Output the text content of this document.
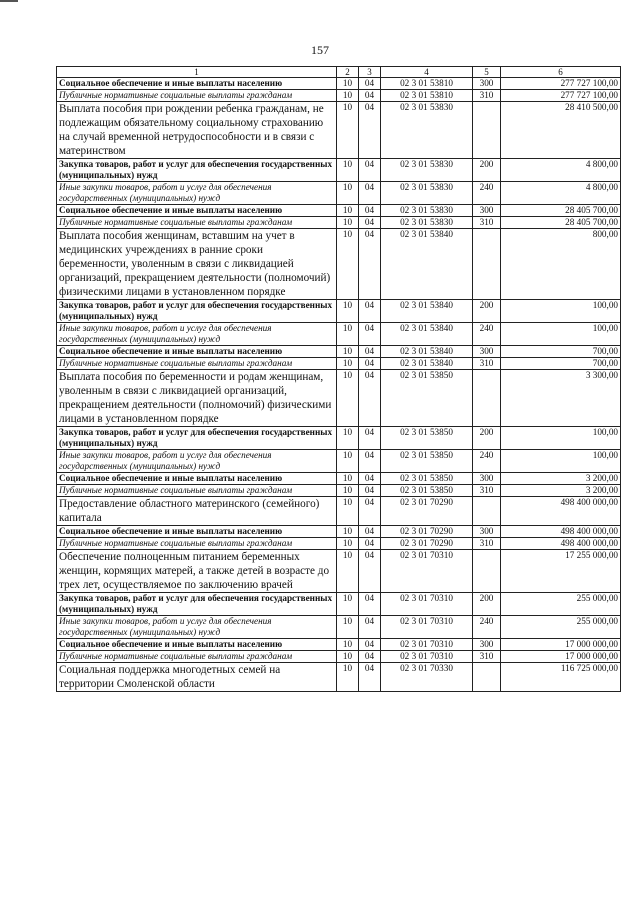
157
1	2	3	4	5	6
Социальное обеспечение и иные выплаты населению	10	04	02 3 01 53810	300	277 727 100,00
Публичные нормативные социальные выплаты гражданам	10	04	02 3 01 53810	310	277 727 100,00
Выплата пособия при рождении ребенка гражданам, не подлежащим обязательному социальному страхованию на случай временной нетрудоспособности и в связи с материнством	10	04	02 3 01 53830		28 410 500,00
Закупка товаров, работ и услуг для обеспечения государственных (муниципальных) нужд	10	04	02 3 01 53830	200	4 800,00
Иные закупки товаров, работ и услуг для обеспечения государственных (муниципальных) нужд	10	04	02 3 01 53830	240	4 800,00
Социальное обеспечение и иные выплаты населению	10	04	02 3 01 53830	300	28 405 700,00
Публичные нормативные социальные выплаты гражданам	10	04	02 3 01 53830	310	28 405 700,00
Выплата пособия женщинам, вставшим на учет в медицинских учреждениях в ранние сроки беременности, уволенным в связи с ликвидацией организаций, прекращением деятельности (полномочий) физическими лицами в установленном порядке	10	04	02 3 01 53840		800,00
Закупка товаров, работ и услуг для обеспечения государственных (муниципальных) нужд	10	04	02 3 01 53840	200	100,00
Иные закупки товаров, работ и услуг для обеспечения государственных (муниципальных) нужд	10	04	02 3 01 53840	240	100,00
Социальное обеспечение и иные выплаты населению	10	04	02 3 01 53840	300	700,00
Публичные нормативные социальные выплаты гражданам	10	04	02 3 01 53840	310	700,00
Выплата пособия по беременности и родам женщинам, уволенным в связи с ликвидацией организаций, прекращением деятельности (полномочий) физическими лицами в установленном порядке	10	04	02 3 01 53850		3 300,00
Закупка товаров, работ и услуг для обеспечения государственных (муниципальных) нужд	10	04	02 3 01 53850	200	100,00
Иные закупки товаров, работ и услуг для обеспечения государственных (муниципальных) нужд	10	04	02 3 01 53850	240	100,00
Социальное обеспечение и иные выплаты населению	10	04	02 3 01 53850	300	3 200,00
Публичные нормативные социальные выплаты гражданам	10	04	02 3 01 53850	310	3 200,00
Предоставление областного материнского (семейного) капитала	10	04	02 3 01 70290		498 400 000,00
Социальное обеспечение и иные выплаты населению	10	04	02 3 01 70290	300	498 400 000,00
Публичные нормативные социальные выплаты гражданам	10	04	02 3 01 70290	310	498 400 000,00
Обеспечение полноценным питанием беременных женщин, кормящих матерей, а также детей в возрасте до трех лет, осуществляемое по заключению врачей	10	04	02 3 01 70310		17 255 000,00
Закупка товаров, работ и услуг для обеспечения государственных (муниципальных) нужд	10	04	02 3 01 70310	200	255 000,00
Иные закупки товаров, работ и услуг для обеспечения государственных (муниципальных) нужд	10	04	02 3 01 70310	240	255 000,00
Социальное обеспечение и иные выплаты населению	10	04	02 3 01 70310	300	17 000 000,00
Публичные нормативные социальные выплаты гражданам	10	04	02 3 01 70310	310	17 000 000,00
Социальная поддержка многодетных семей на территории Смоленской области	10	04	02 3 01 70330		116 725 000,00
